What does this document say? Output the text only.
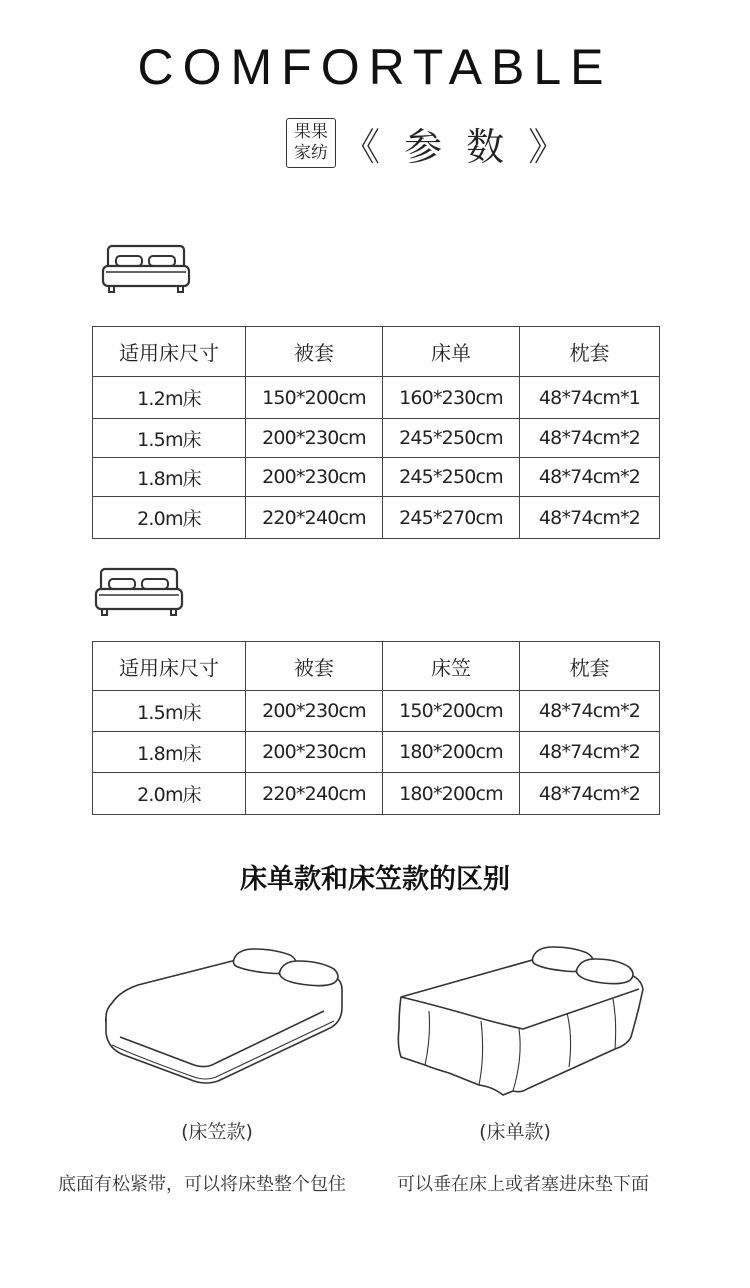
COMFORTABLE
果果
家纺 《 参 数 》
适用床尺寸	被套	床单	枕套
1.2m床	150*200cm	160*230cm	48*74cm*1
1.5m床	200*230cm	245*250cm	48*74cm*2
1.8m床	200*230cm	245*250cm	48*74cm*2
2.0m床	220*240cm	245*270cm	48*74cm*2
适用床尺寸	被套	床笠	枕套
1.5m床	200*230cm	150*200cm	48*74cm*2
1.8m床	200*230cm	180*200cm	48*74cm*2
2.0m床	220*240cm	180*200cm	48*74cm*2
床单款和床笠款的区别
(床笠款)	(床单款)
底面有松紧带，可以将床垫整个包住	可以垂在床上或者塞进床垫下面
